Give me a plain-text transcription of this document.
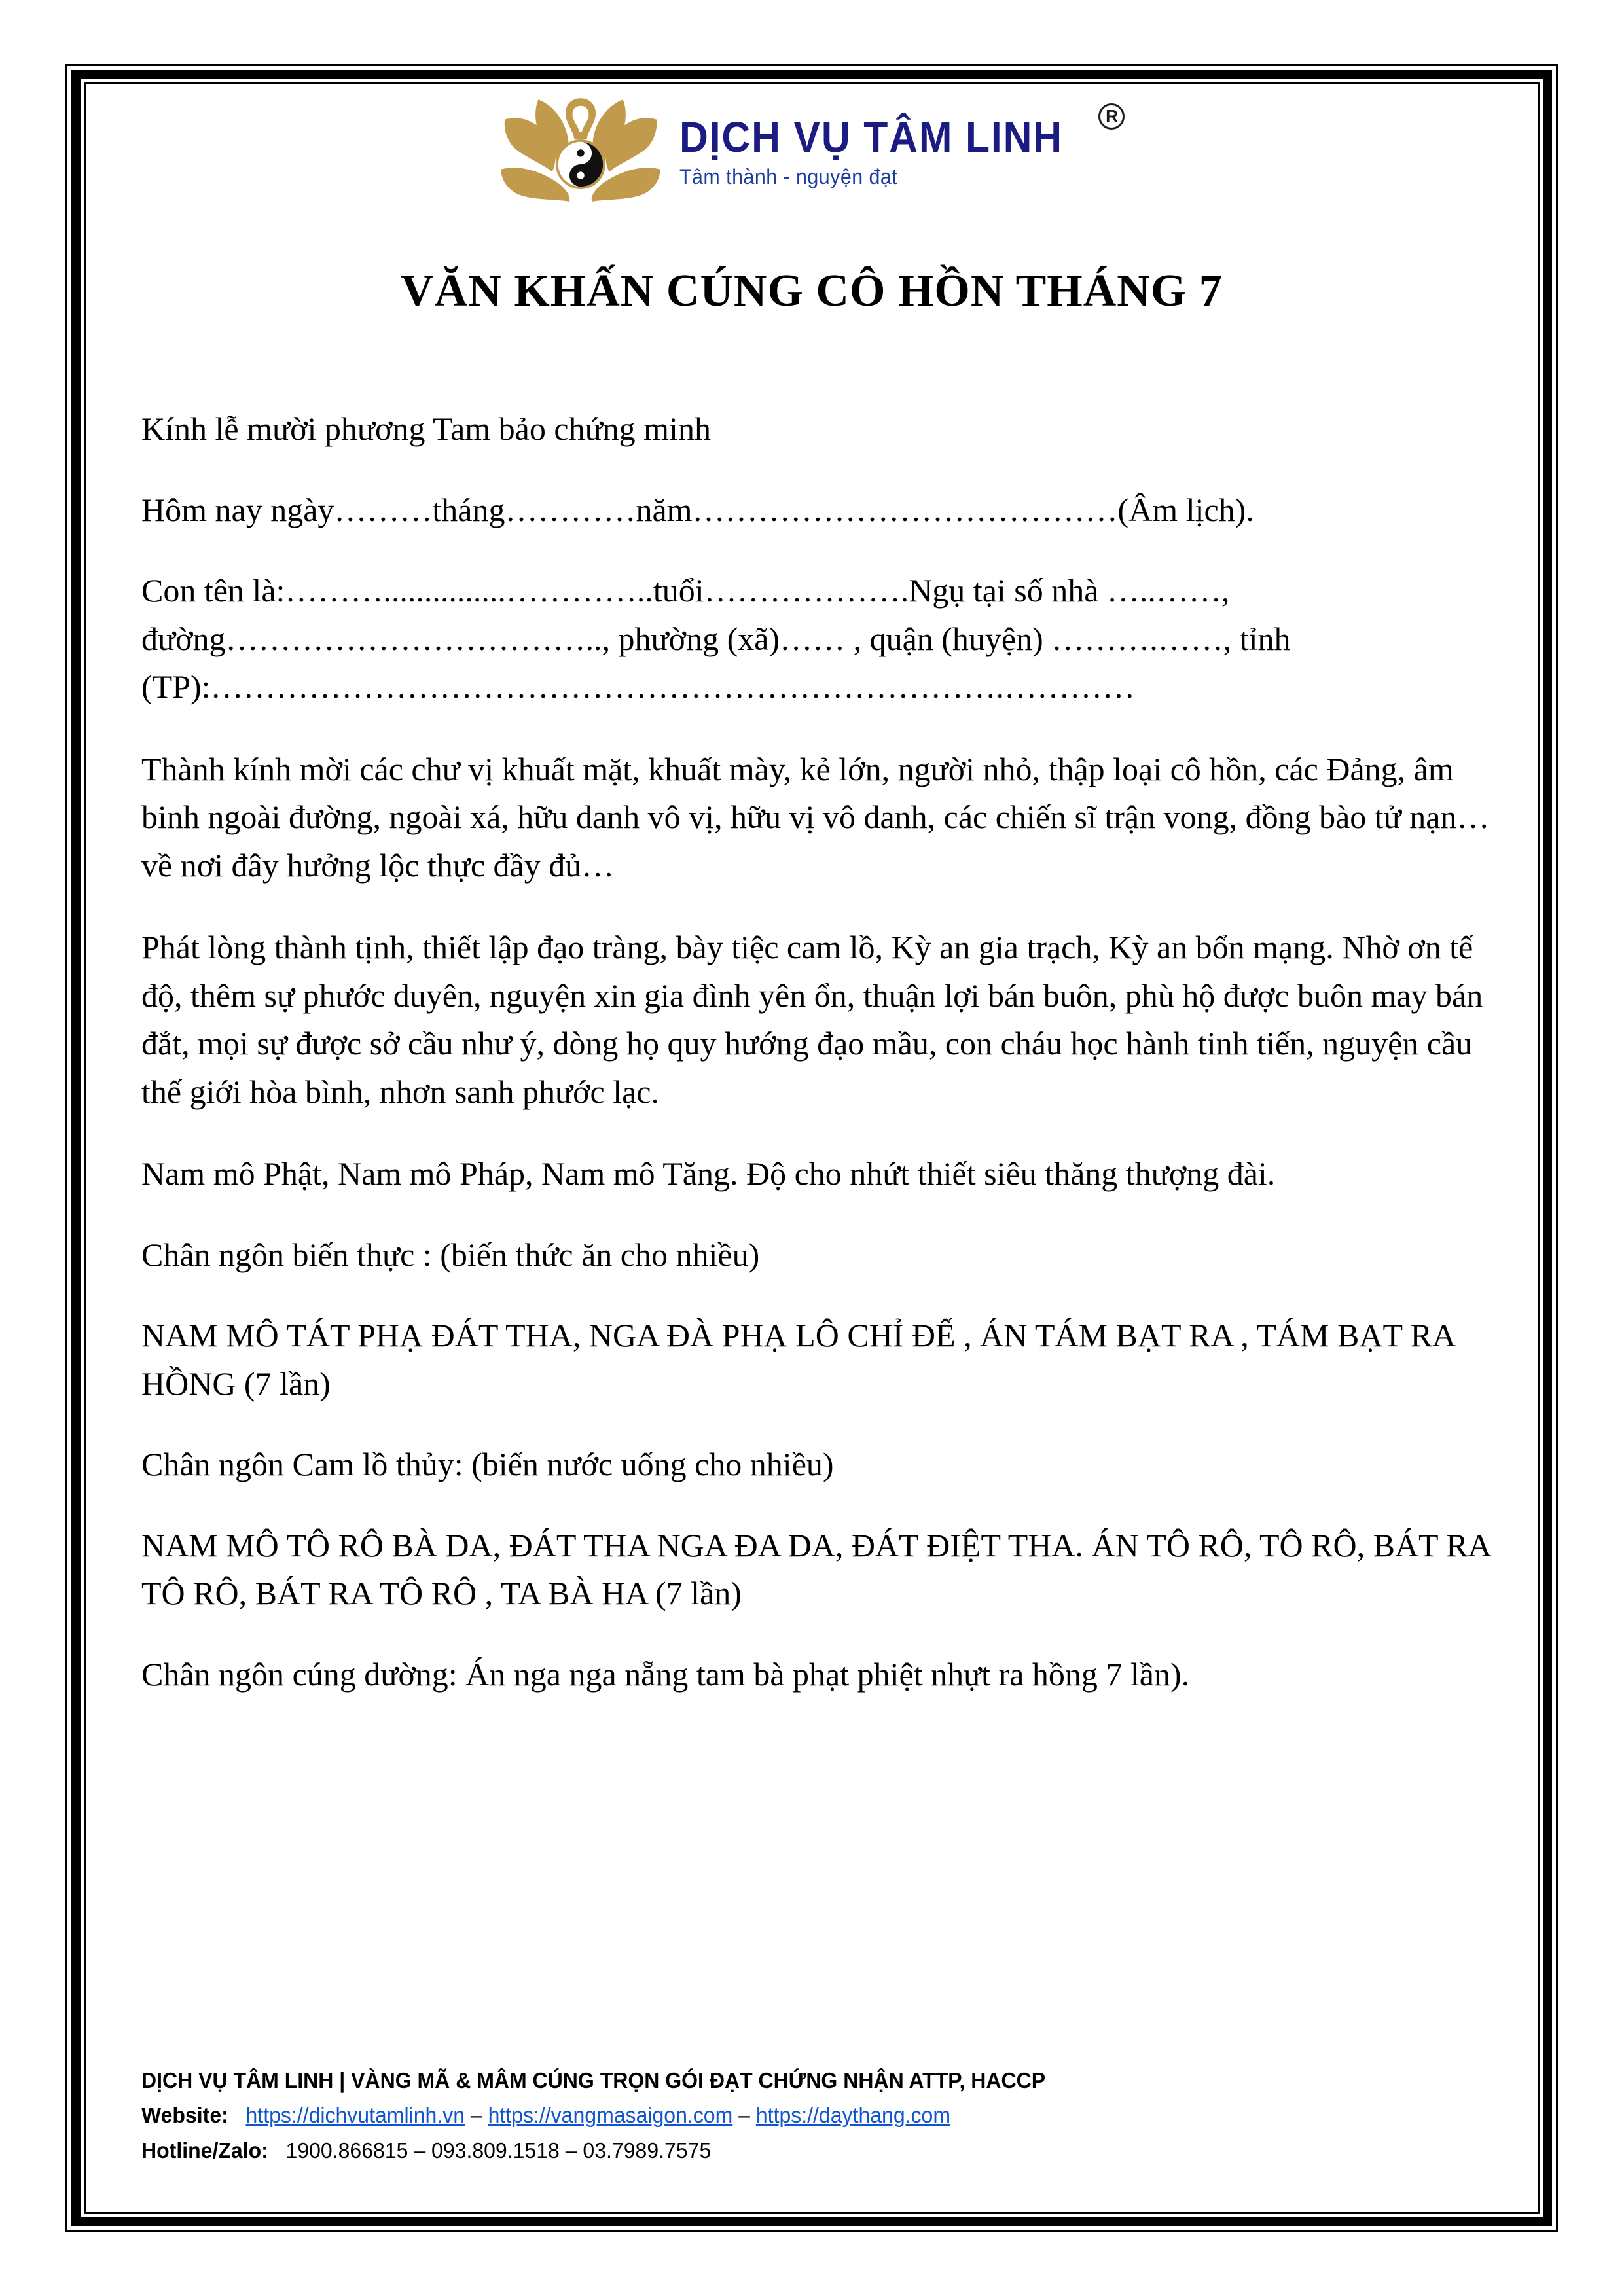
DỊCH VỤ TÂM LINH	R
Tâm thành - nguyện đạt
VĂN KHẤN CÚNG CÔ HỒN THÁNG 7

Kính lễ mười phương Tam bảo chứng minh

Hôm nay ngày………tháng…………năm…………………………………(Âm lịch).

Con tên là:………...............…………..tuổi……………….Ngụ tại số nhà …..……, đường…………………………….., phường (xã)…… , quận (huyện) ……….……, tỉnh (TP):……………………………………………………………….…………

Thành kính mời các chư vị khuất mặt, khuất mày, kẻ lớn, người nhỏ, thập loại cô hồn, các Đảng, âm binh ngoài đường, ngoài xá, hữu danh vô vị, hữu vị vô danh, các chiến sĩ trận vong, đồng bào tử nạn…về nơi đây hưởng lộc thực đầy đủ…

Phát lòng thành tịnh, thiết lập đạo tràng, bày tiệc cam lồ, Kỳ an gia trạch, Kỳ an bổn mạng. Nhờ ơn tế độ, thêm sự phước duyên, nguyện xin gia đình yên ổn, thuận lợi bán buôn, phù hộ được buôn may bán đắt, mọi sự được sở cầu như ý, dòng họ quy hướng đạo mầu, con cháu học hành tinh tiến, nguyện cầu thế giới hòa bình, nhơn sanh phước lạc.

Nam mô Phật, Nam mô Pháp, Nam mô Tăng. Độ cho nhứt thiết siêu thăng thượng đài.

Chân ngôn biến thực : (biến thức ăn cho nhiều)

NAM MÔ TÁT PHẠ ĐÁT THA, NGA ĐÀ PHẠ LÔ CHỈ ĐẾ , ÁN TÁM BẠT RA , TÁM BẠT RA HỒNG (7 lần)

Chân ngôn Cam lồ thủy: (biến nước uống cho nhiều)

NAM MÔ TÔ RÔ BÀ DA, ĐÁT THA NGA ĐA DA, ĐÁT ĐIỆT THA. ÁN TÔ RÔ, TÔ RÔ, BÁT RA TÔ RÔ, BÁT RA TÔ RÔ , TA BÀ HA (7 lần)

Chân ngôn cúng dường: Án nga nga nẵng tam bà phạt phiệt nhựt ra hồng 7 lần).

DỊCH VỤ TÂM LINH | VÀNG MÃ & MÂM CÚNG TRỌN GÓI ĐẠT CHỨNG NHẬN ATTP, HACCP
Website: https://dichvutamlinh.vn – https://vangmasaigon.com – https://daythang.com
Hotline/Zalo: 1900.866815 – 093.809.1518 – 03.7989.7575
